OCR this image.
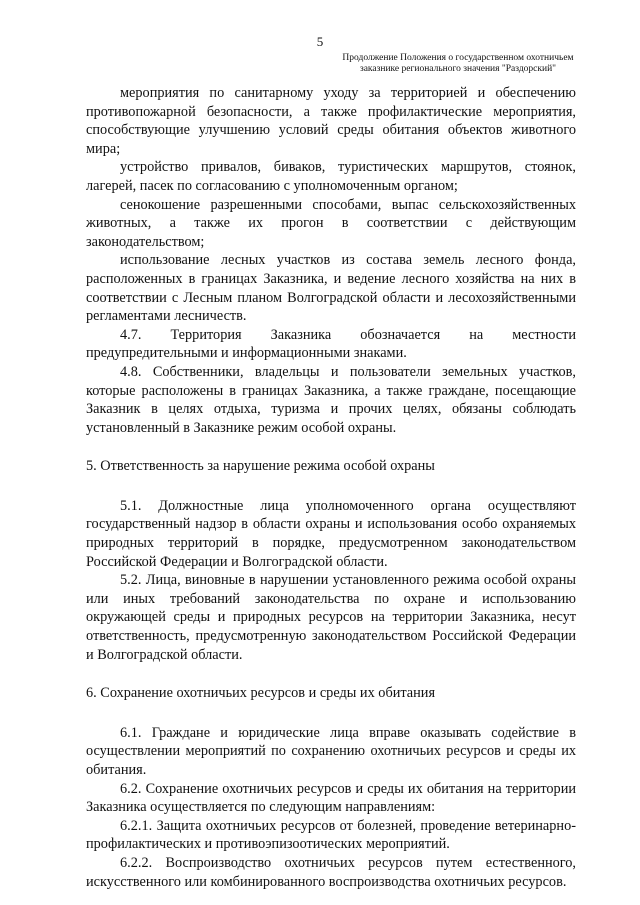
5
Продолжение Положения о государственном охотничьем
заказнике регионального значения "Раздорский"

мероприятия по санитарному уходу за территорией и обеспечению противопожарной безопасности, а также профилактические мероприятия, способствующие улучшению условий среды обитания объектов животного мира;

устройство привалов, биваков, туристических маршрутов, стоянок, лагерей, пасек по согласованию с уполномоченным органом;

сенокошение разрешенными способами, выпас сельскохозяйственных животных, а также их прогон в соответствии с действующим законодательством;

использование лесных участков из состава земель лесного фонда, расположенных в границах Заказника, и ведение лесного хозяйства на них в соответствии с Лесным планом Волгоградской области и лесохозяйственными регламентами лесничеств.

4.7. Территория Заказника обозначается на местности предупредительными и информационными знаками.

4.8. Собственники, владельцы и пользователи земельных участков, которые расположены в границах Заказника, а также граждане, посещающие Заказник в целях отдыха, туризма и прочих целях, обязаны соблюдать установленный в Заказнике режим особой охраны.

5. Ответственность за нарушение режима особой охраны

5.1. Должностные лица уполномоченного органа осуществляют государственный надзор в области охраны и использования особо охраняемых природных территорий в порядке, предусмотренном законодательством Российской Федерации и Волгоградской области.

5.2. Лица, виновные в нарушении установленного режима особой охраны или иных требований законодательства по охране и использованию окружающей среды и природных ресурсов на территории Заказника, несут ответственность, предусмотренную законодательством Российской Федерации и Волгоградской области.

6. Сохранение охотничьих ресурсов и среды их обитания

6.1. Граждане и юридические лица вправе оказывать содействие в осуществлении мероприятий по сохранению охотничьих ресурсов и среды их обитания.

6.2. Сохранение охотничьих ресурсов и среды их обитания на территории Заказника осуществляется по следующим направлениям:

6.2.1. Защита охотничьих ресурсов от болезней, проведение ветеринарно-профилактических и противоэпизоотических мероприятий.

6.2.2. Воспроизводство охотничьих ресурсов путем естественного, искусственного или комбинированного воспроизводства охотничьих ресурсов.
